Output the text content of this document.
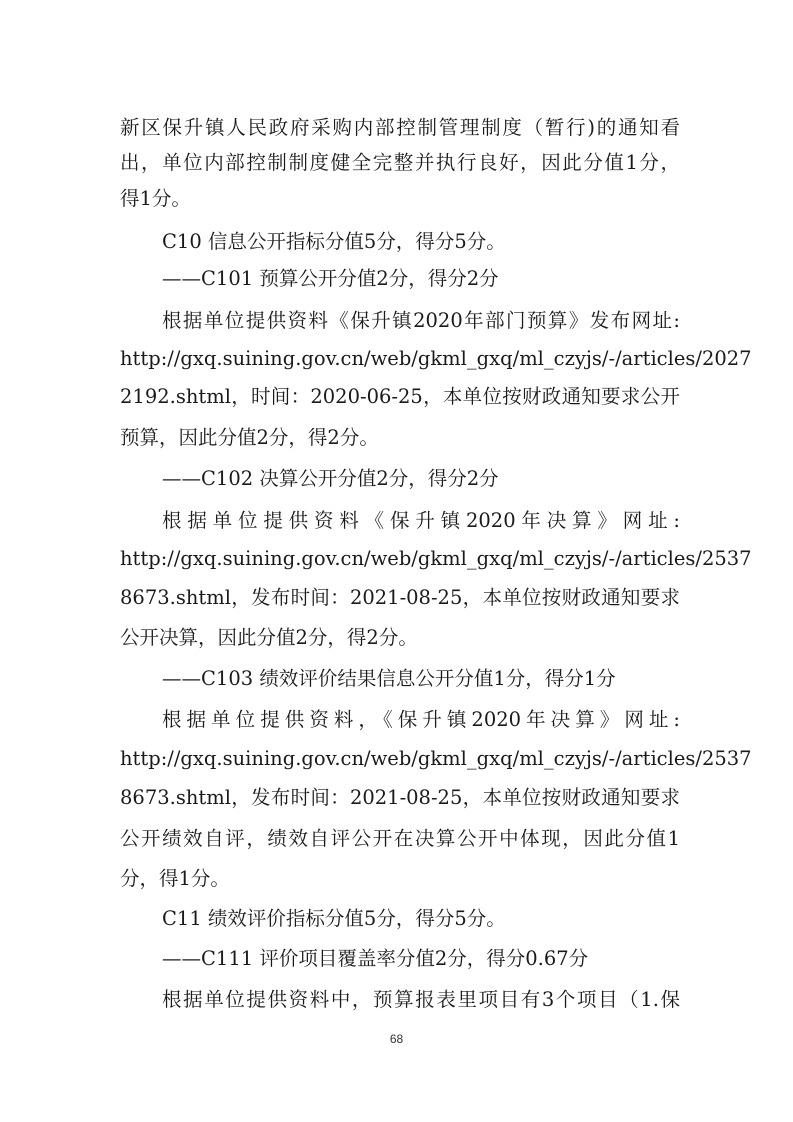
新区保升镇人民政府采购内部控制管理制度（暂行)的通知看
出，单位内部控制制度健全完整并执行良好，因此分值1分，
得1分。
C10 信息公开指标分值5分，得分5分。
——C101 预算公开分值2分，得分2分
根据单位提供资料《保升镇2020年部门预算》发布网址:
http://gxq.suining.gov.cn/web/gkml_gxq/ml_czyjs/-/articles/2027
2192.shtml，时间：2020-06-25，本单位按财政通知要求公开
预算，因此分值2分，得2分。
——C102 决算公开分值2分，得分2分
根据单位提供资料《保升镇2020年决算》网址:
http://gxq.suining.gov.cn/web/gkml_gxq/ml_czyjs/-/articles/2537
8673.shtml，发布时间：2021-08-25，本单位按财政通知要求
公开决算，因此分值2分，得2分。
——C103 绩效评价结果信息公开分值1分，得分1分
根据单位提供资料，《保升镇2020年决算》网址:
http://gxq.suining.gov.cn/web/gkml_gxq/ml_czyjs/-/articles/2537
8673.shtml，发布时间：2021-08-25，本单位按财政通知要求
公开绩效自评，绩效自评公开在决算公开中体现，因此分值1
分，得1分。
C11 绩效评价指标分值5分，得分5分。
——C111 评价项目覆盖率分值2分，得分0.67分
根据单位提供资料中，预算报表里项目有3个项目（1.保
68
